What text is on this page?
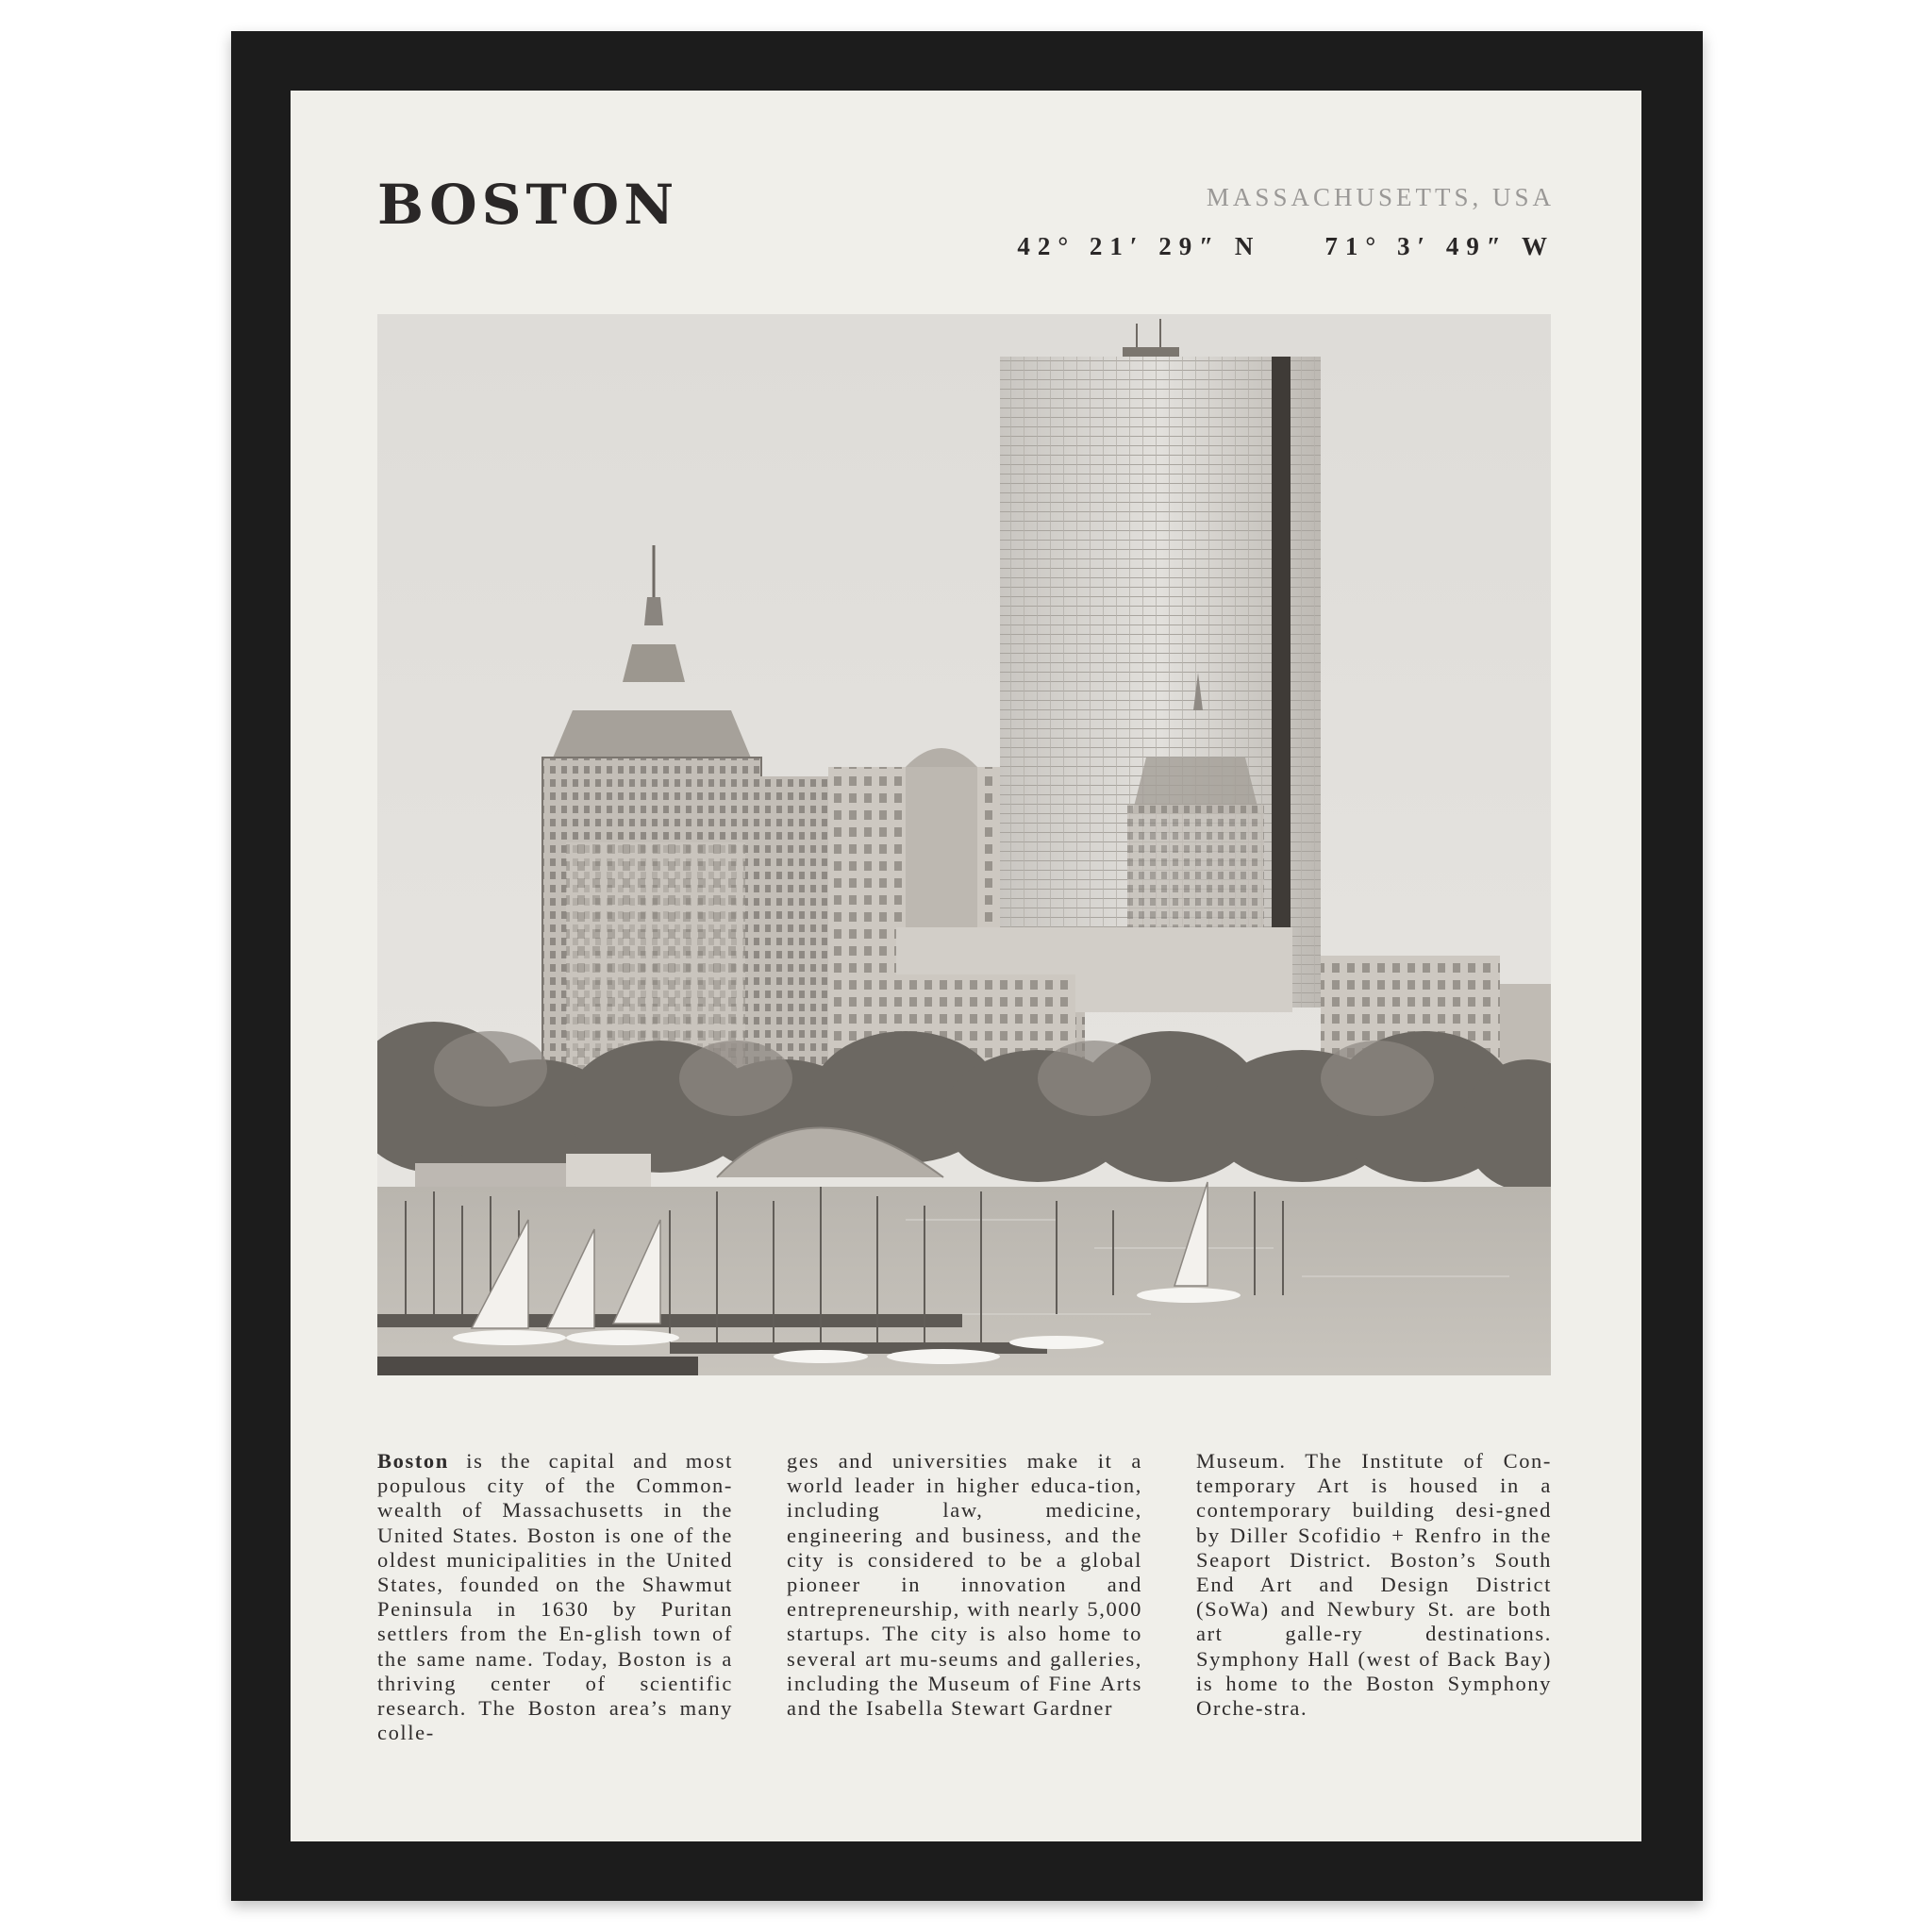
BOSTON	MASSACHUSETTS, USA
42° 21′ 29″ N	71° 3′ 49″ W
Boston is the capital and most populous city of the Common-wealth of Massachusetts in the United States. Boston is one of the oldest municipalities in the United States, founded on the Shawmut Peninsula in 1630 by Puritan settlers from the En-glish town of the same name. Today, Boston is a thriving center of scientific research. The Boston area’s many colle-
ges and universities make it a world leader in higher educa-tion, including law, medicine, engineering and business, and the city is considered to be a global pioneer in innovation and entrepreneurship, with nearly 5,000 startups. The city is also home to several art mu-seums and galleries, including the Museum of Fine Arts and the Isabella Stewart Gardner
Museum. The Institute of Con-temporary Art is housed in a contemporary building desi-gned by Diller Scofidio + Renfro in the Seaport District. Boston’s South End Art and Design District (SoWa) and Newbury St. are both art galle-ry destinations. Symphony Hall (west of Back Bay) is home to the Boston Symphony Orche-stra.
